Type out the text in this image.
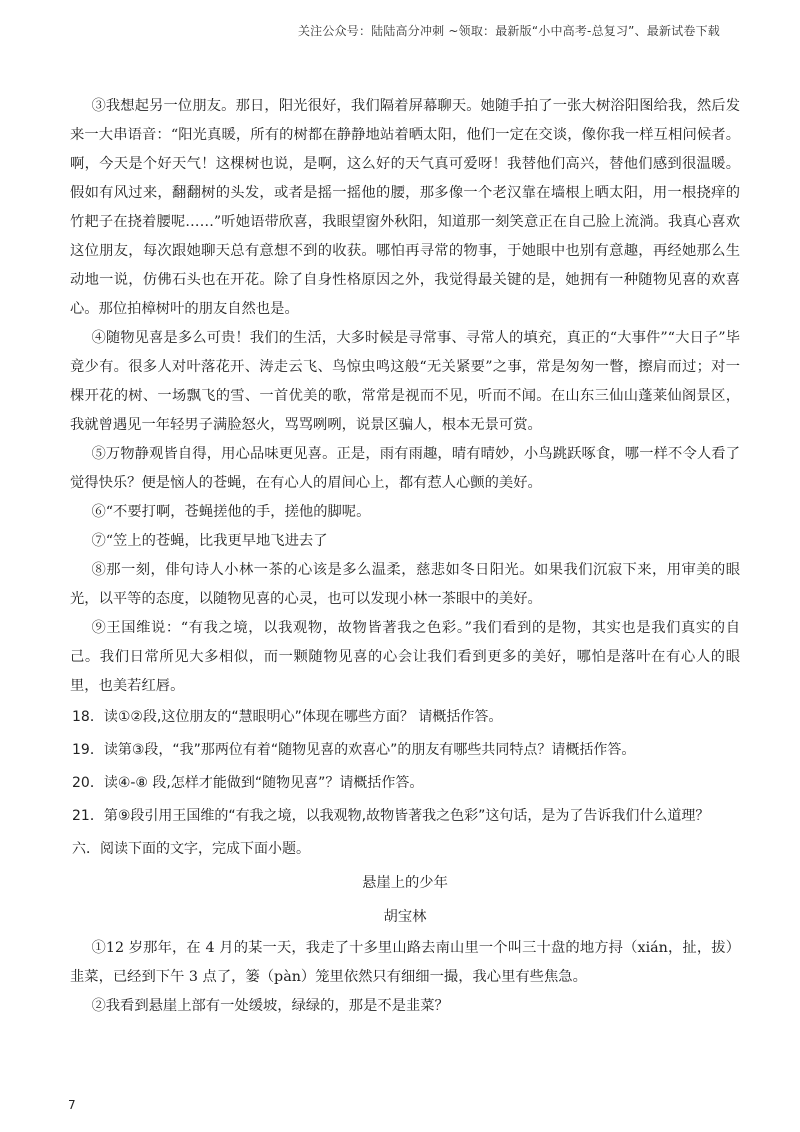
关注公众号：陆陆高分冲刺 ~领取：最新版“小中高考-总复习”、最新试卷下载

③我想起另一位朋友。那日，阳光很好，我们隔着屏幕聊天。她随手拍了一张大树浴阳图给我，然后发来一大串语音：“阳光真暖，所有的树都在静静地站着晒太阳，他们一定在交谈，像你我一样互相问候者。啊，今天是个好天气！这棵树也说，是啊，这么好的天气真可爱呀！我替他们高兴，替他们感到很温暖。假如有风过来，翻翻树的头发，或者是摇一摇他的腰，那多像一个老汉靠在墙根上晒太阳，用一根挠痒的竹耙子在挠着腰呢……”听她语带欣喜，我眼望窗外秋阳，知道那一刻笑意正在自己脸上流淌。我真心喜欢这位朋友，每次跟她聊天总有意想不到的收获。哪怕再寻常的物事，于她眼中也别有意趣，再经她那么生动地一说，仿佛石头也在开花。除了自身性格原因之外，我觉得最关键的是，她拥有一种随物见喜的欢喜心。那位拍樟树叶的朋友自然也是。

④随物见喜是多么可贵！我们的生活，大多时候是寻常事、寻常人的填充，真正的“大事件”“大日子”毕竟少有。很多人对叶落花开、涛走云飞、鸟惊虫鸣这般“无关紧要”之事，常是匆匆一瞥，擦肩而过；对一棵开花的树、一场飘飞的雪、一首优美的歌，常常是视而不见，听而不闻。在山东三仙山蓬莱仙阁景区，我就曾遇见一年轻男子满脸怒火，骂骂咧咧，说景区骗人，根本无景可赏。

⑤万物静观皆自得，用心品味更见喜。正是，雨有雨趣，晴有晴妙，小鸟跳跃啄食，哪一样不令人看了觉得快乐？便是恼人的苍蝇，在有心人的眉间心上，都有惹人心颤的美好。

⑥“不要打啊，苍蝇搓他的手，搓他的脚呢。

⑦“笠上的苍蝇，比我更早地飞进去了

⑧那一刻，俳句诗人小林一茶的心该是多么温柔，慈悲如冬日阳光。如果我们沉寂下来，用审美的眼光，以平等的态度，以随物见喜的心灵，也可以发现小林一茶眼中的美好。

⑨王国维说：“有我之境，以我观物，故物皆著我之色彩。”我们看到的是物，其实也是我们真实的自己。我们日常所见大多相似，而一颗随物见喜的心会让我们看到更多的美好，哪怕是落叶在有心人的眼里，也美若红唇。

18．读①②段,这位朋友的“慧眼明心”体现在哪些方面？ 请概括作答。

19．读第③段，“我”那两位有着“随物见喜的欢喜心”的朋友有哪些共同特点？请概括作答。

20．读④-⑧ 段,怎样才能做到“随物见喜”？请概括作答。

21．第⑨段引用王国维的“有我之境，以我观物,故物皆著我之色彩”这句话，是为了告诉我们什么道理？

六．阅读下面的文字，完成下面小题。

悬崖上的少年

胡宝林

①12 岁那年，在 4 月的某一天，我走了十多里山路去南山里一个叫三十盘的地方挦（xián，扯，拔）韭菜，已经到下午 3 点了，篓（pàn）笼里依然只有细细一撮，我心里有些焦急。

②我看到悬崖上部有一处缓坡，绿绿的，那是不是韭菜？

7
